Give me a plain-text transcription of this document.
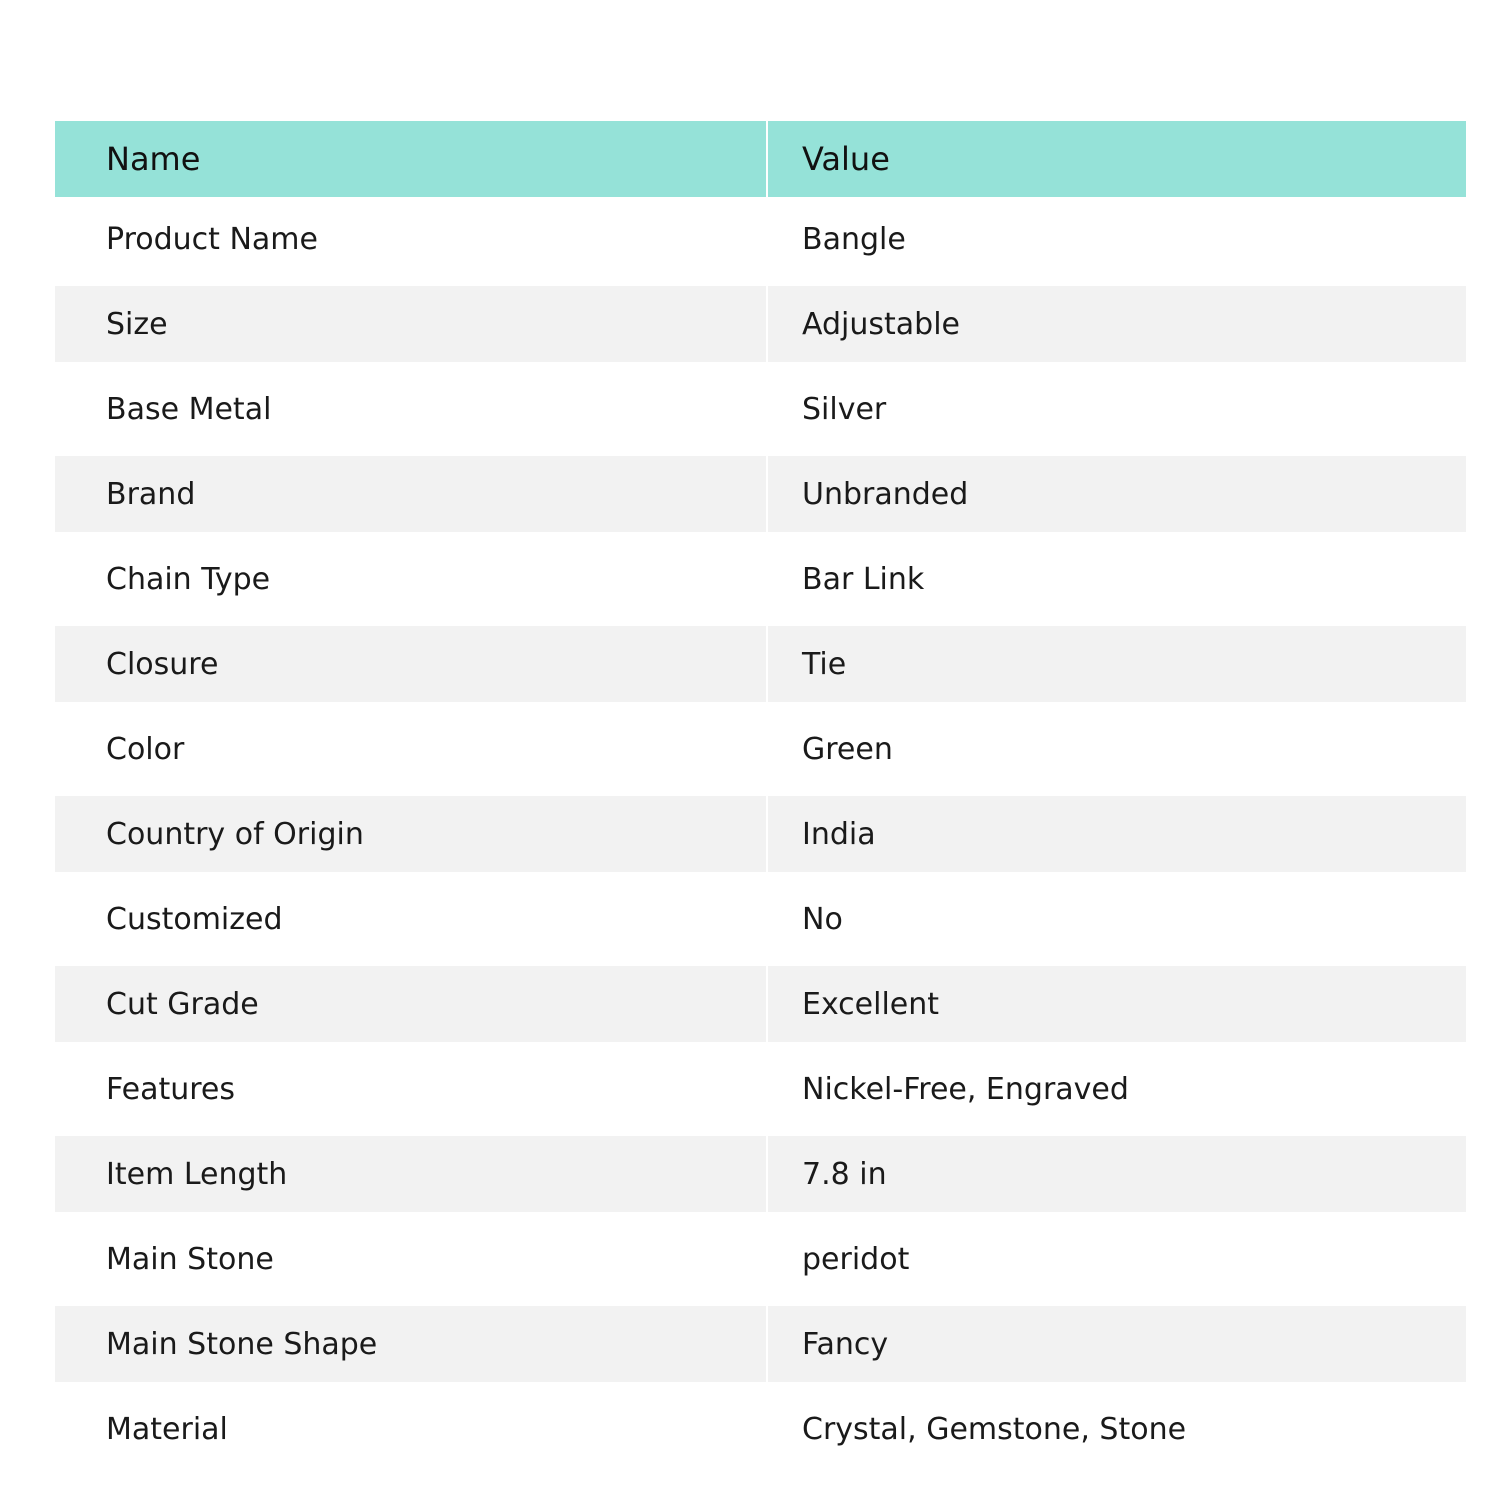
Name	Value
Product Name	Bangle
Size	Adjustable
Base Metal	Silver
Brand	Unbranded
Chain Type	Bar Link
Closure	Tie
Color	Green
Country of Origin	India
Customized	No
Cut Grade	Excellent
Features	Nickel-Free, Engraved
Item Length	7.8 in
Main Stone	peridot
Main Stone Shape	Fancy
Material	Crystal, Gemstone, Stone
